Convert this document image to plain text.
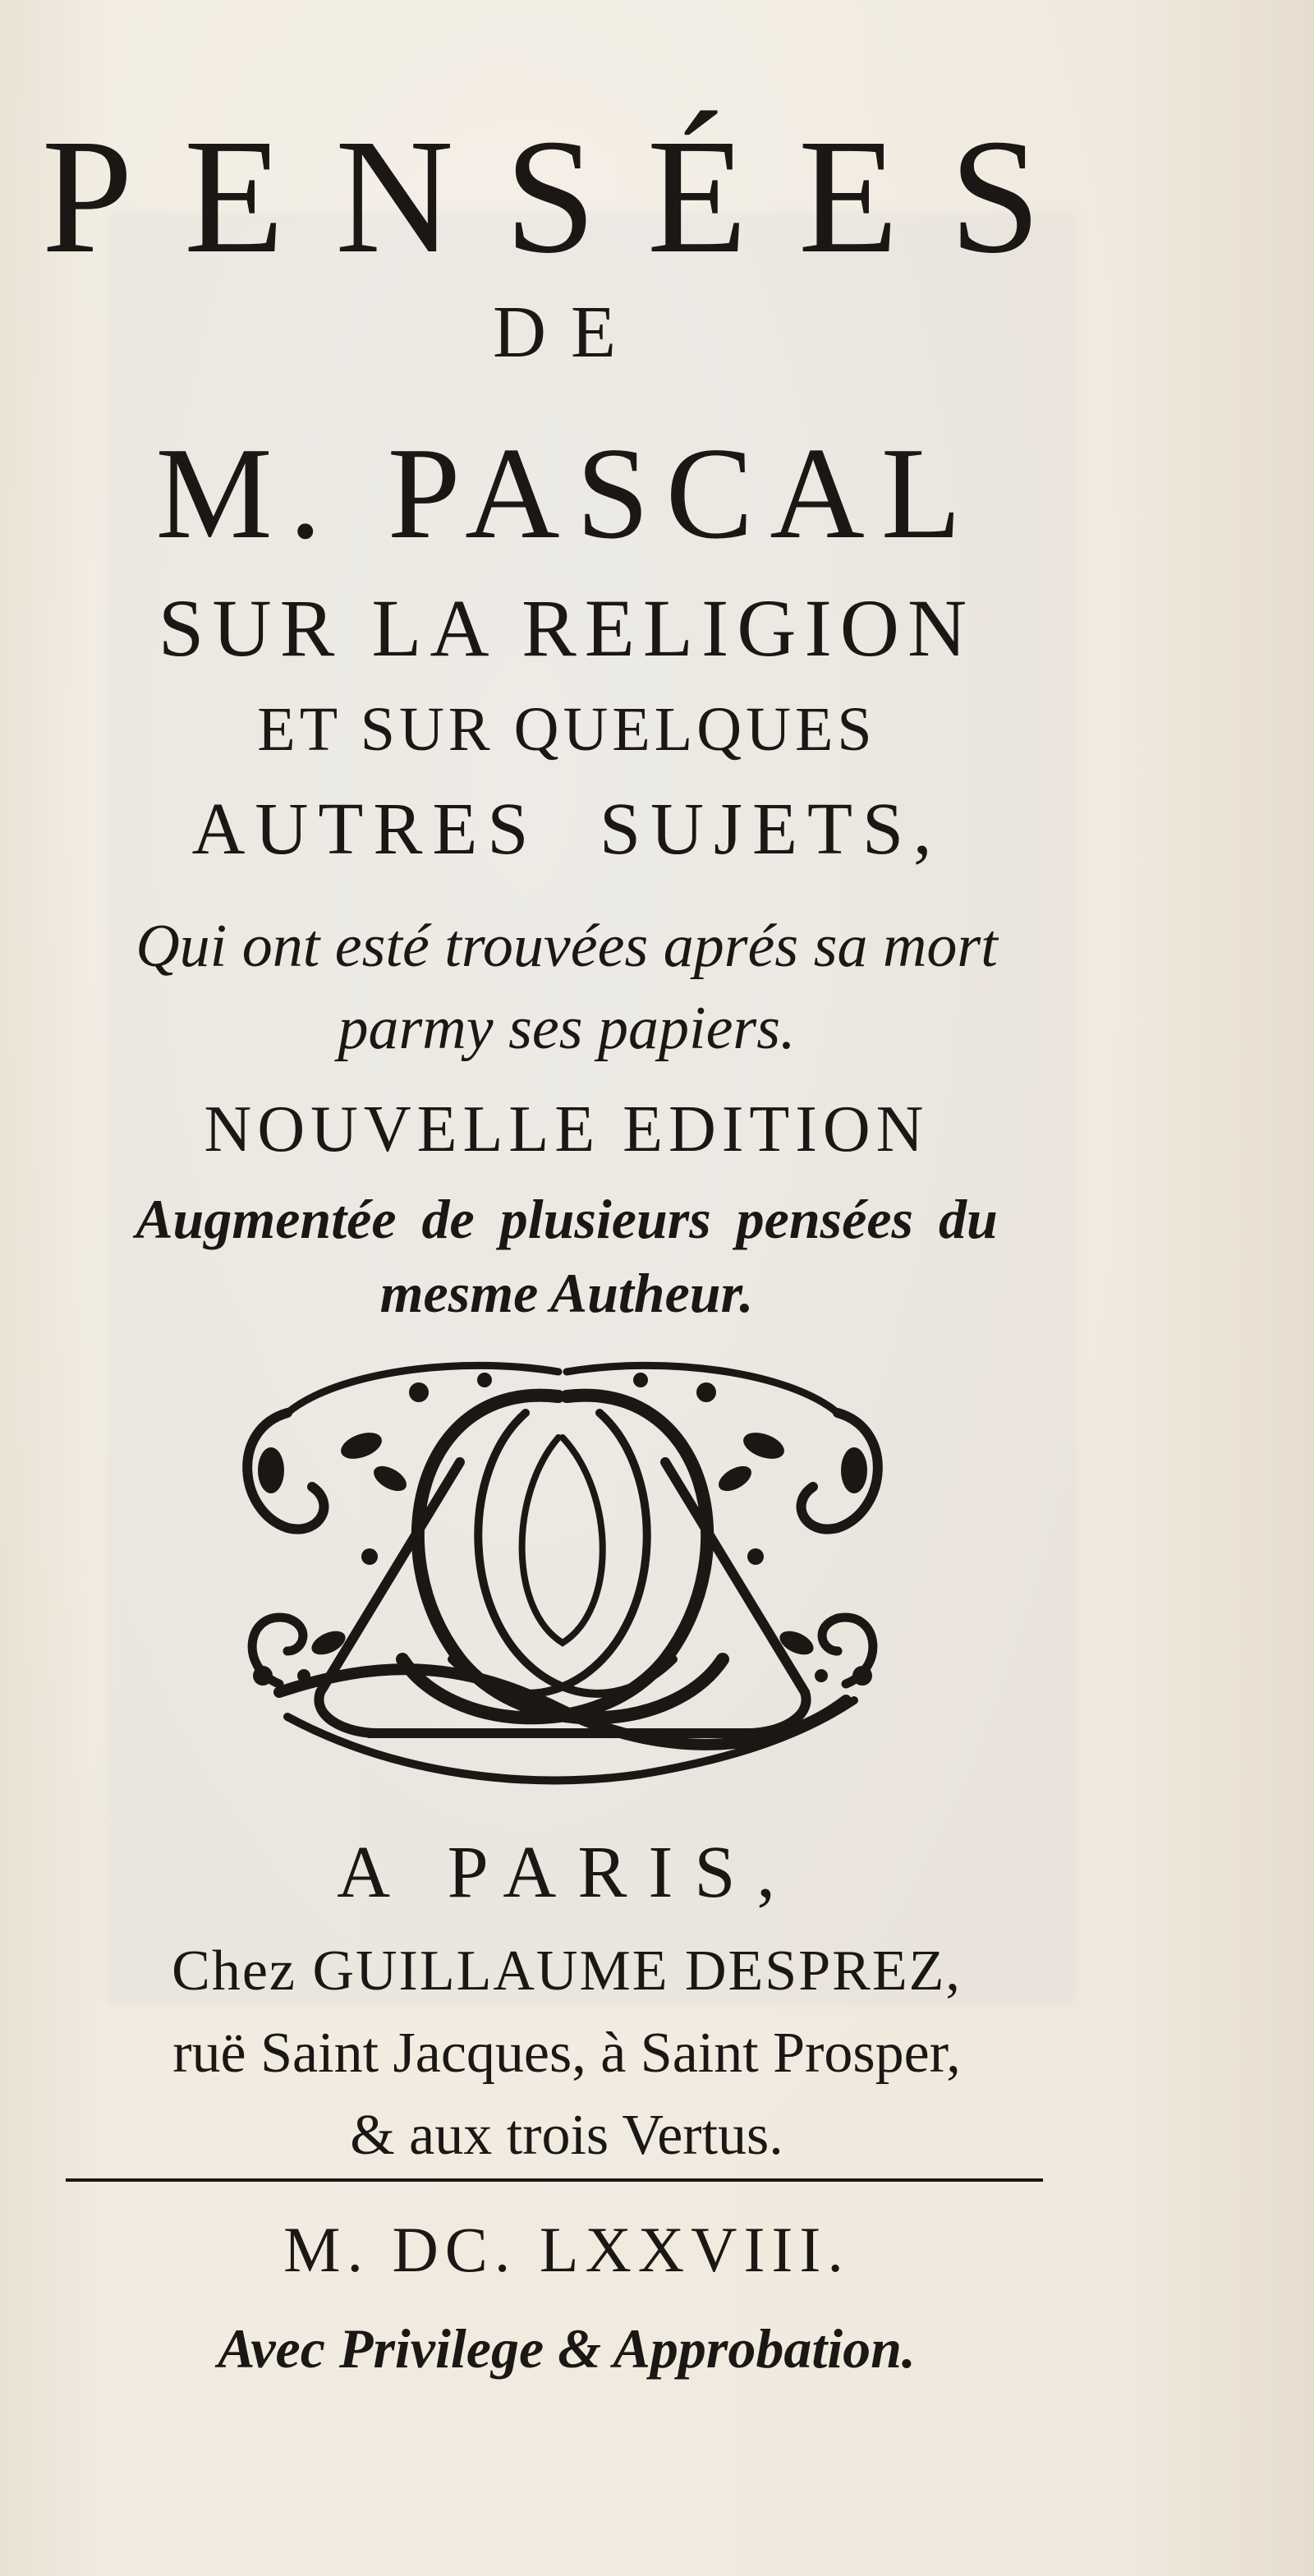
PENSÉES
DE
M. PASCAL
SUR LA RELIGION
ET SUR QUELQUES
AUTRES SUJETS,
Qui ont esté trouvées aprés sa mort
parmy ses papiers.
NOUVELLE EDITION
Augmentée de plusieurs pensées du
mesme Autheur.
A PARIS,
Chez GUILLAUME DESPREZ,
ruë Saint Jacques, à Saint Prosper,
& aux trois Vertus.
M. DC. LXXVIII.
Avec Privilege & Approbation.
